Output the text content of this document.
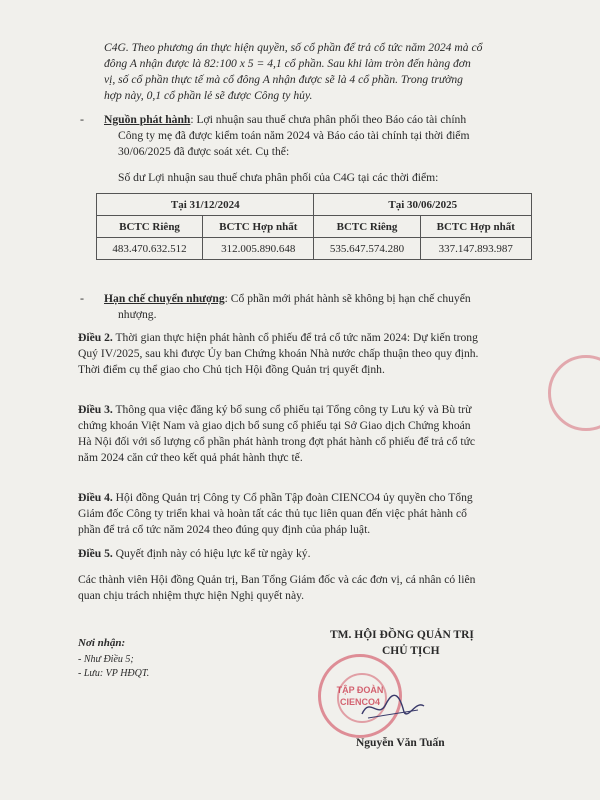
C4G. Theo phương án thực hiện quyền, số cổ phần để trả cổ tức năm 2024 mà cổ
đông A nhận được là 82:100 x 5 = 4,1 cổ phần. Sau khi làm tròn đến hàng đơn
vị, số cổ phần thực tế mà cổ đông A nhận được sẽ là 4 cổ phần. Trong trường
hợp này, 0,1 cổ phần lẻ sẽ được Công ty hủy.
- Nguồn phát hành: Lợi nhuận sau thuế chưa phân phối theo Báo cáo tài chính
Công ty mẹ đã được kiểm toán năm 2024 và Báo cáo tài chính tại thời điểm
30/06/2025 đã được soát xét. Cụ thể:
Số dư Lợi nhuận sau thuế chưa phân phối của C4G tại các thời điểm:
Tại 31/12/2024		Tại 30/06/2025	
BCTC Riêng	BCTC Hợp nhất	BCTC Riêng	BCTC Hợp nhất
483.470.632.512	312.005.890.648	535.647.574.280	337.147.893.987
- Hạn chế chuyển nhượng: Cổ phần mới phát hành sẽ không bị hạn chế chuyển
nhượng.
Điều 2. Thời gian thực hiện phát hành cổ phiếu để trả cổ tức năm 2024: Dự kiến trong
Quý IV/2025, sau khi được Ủy ban Chứng khoán Nhà nước chấp thuận theo quy định.
Thời điểm cụ thể giao cho Chủ tịch Hội đồng Quản trị quyết định.
Điều 3. Thông qua việc đăng ký bổ sung cổ phiếu tại Tổng công ty Lưu ký và Bù trừ
chứng khoán Việt Nam và giao dịch bổ sung cổ phiếu tại Sở Giao dịch Chứng khoán
Hà Nội đối với số lượng cổ phần phát hành trong đợt phát hành cổ phiếu để trả cổ tức
năm 2024 căn cứ theo kết quả phát hành thực tế.
Điều 4. Hội đồng Quản trị Công ty Cổ phần Tập đoàn CIENCO4 ủy quyền cho Tổng
Giám đốc Công ty triển khai và hoàn tất các thủ tục liên quan đến việc phát hành cổ
phần để trả cổ tức năm 2024 theo đúng quy định của pháp luật.
Điều 5. Quyết định này có hiệu lực kể từ ngày ký.
Các thành viên Hội đồng Quản trị, Ban Tổng Giám đốc và các đơn vị, cá nhân có liên
quan chịu trách nhiệm thực hiện Nghị quyết này.
Nơi nhận:
- Như Điều 5;
- Lưu: VP HĐQT.
TM. HỘI ĐỒNG QUẢN TRỊ
CHỦ TỊCH
TẬP ĐOÀN
CIENCO4
Nguyễn Văn Tuấn
